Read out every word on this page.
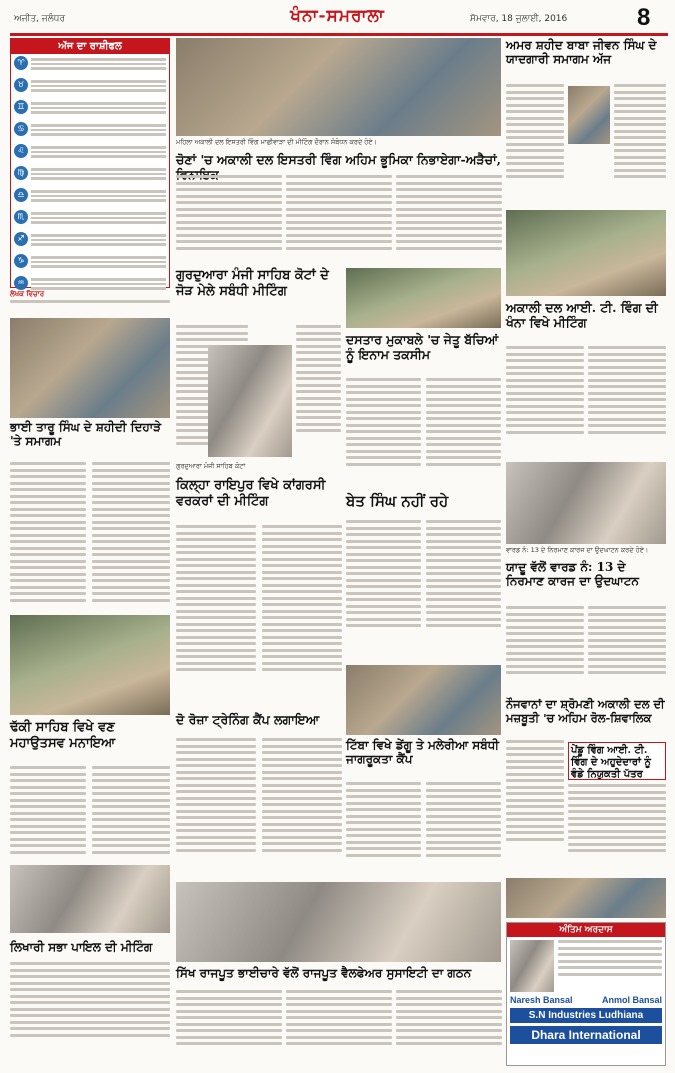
ਅਜੀਤ, ਜਲੰਧਰ	ਖੰਨਾ-ਸਮਰਾਲਾ	ਸੋਮਵਾਰ, 18 ਜੁਲਾਈ, 2016	8
ਅੱਜ ਦਾ ਰਾਸ਼ੀਫਲ
♈
♉
♊
♋
♌
♍
♎
♏
♐
♑
♒
ਲੇਖਕ ਵਿਚਾਰ
ਭਾਈ ਤਾਰੂ ਸਿੰਘ ਦੇ ਸ਼ਹੀਦੀ ਦਿਹਾੜੇ 'ਤੇ ਸਮਾਗਮ
ਢੱਕੀ ਸਾਹਿਬ ਵਿਖੇ ਵਣ ਮਹਾਉਤਸਵ ਮਨਾਇਆ
ਲਿਖਾਰੀ ਸਭਾ ਪਾਇਲ ਦੀ ਮੀਟਿੰਗ
ਮਹਿਲਾ ਅਕਾਲੀ ਦਲ ਇਸਤਰੀ ਵਿੰਗ ਮਾਛੀਵਾੜਾ ਦੀ ਮੀਟਿੰਗ ਦੌਰਾਨ ਸੰਬੋਧਨ ਕਰਦੇ ਹੋਏ।
ਚੋਣਾਂ 'ਚ ਅਕਾਲੀ ਦਲ ਇਸਤਰੀ ਵਿੰਗ ਅਹਿਮ ਭੂਮਿਕਾ ਨਿਭਾਏਗਾ-ਅੜੈਚਾਂ,
ਗੁਰਦੁਆਰਾ ਮੰਜੀ ਸਾਹਿਬ ਕੋਟਾਂ ਦੇ ਜੋੜ ਮੇਲੇ ਸਬੰਧੀ ਮੀਟਿੰਗ
ਗੁਰਦੁਆਰਾ ਮੰਜੀ ਸਾਹਿਬ ਕੋਟਾਂ
ਕਿਲ੍ਹਾ ਰਾਇਪੁਰ ਵਿਖੇ ਕਾਂਗਰਸੀ ਵਰਕਰਾਂ ਦੀ ਮੀਟਿੰਗ
ਦੋ ਰੋਜ਼ਾ ਟ੍ਰੇਨਿੰਗ ਕੈਂਪ ਲਗਾਇਆ
ਦਸਤਾਰ ਮੁਕਾਬਲੇ 'ਚ ਜੇਤੂ ਬੱਚਿਆਂ ਨੂੰ ਇਨਾਮ ਤਕਸੀਮ
ਬੇਤ ਸਿੰਘ ਨਹੀਂ ਰਹੇ
ਟਿੱਬਾ ਵਿਖੇ ਡੇਂਗੂ ਤੇ ਮਲੇਰੀਆ ਸਬੰਧੀ ਜਾਗਰੂਕਤਾ ਕੈਂਪ
ਸਿੱਖ ਰਾਜਪੂਤ ਭਾਈਚਾਰੇ ਵੱਲੋਂ ਰਾਜਪੂਤ ਵੈਲਫੇਅਰ ਸੁਸਾਇਟੀ ਦਾ ਗਠਨ
ਅਮਰ ਸ਼ਹੀਦ ਬਾਬਾ ਜੀਵਨ ਸਿੰਘ ਦੇ ਯਾਦਗਾਰੀ ਸਮਾਗਮ ਅੱਜ
ਅਕਾਲੀ ਦਲ ਆਈ. ਟੀ. ਵਿੰਗ ਦੀ ਖੰਨਾ ਵਿਖੇ ਮੀਟਿੰਗ
ਵਾਰਡ ਨੰ: 13 ਦੇ ਨਿਰਮਾਣ ਕਾਰਜ ਦਾ ਉਦਘਾਟਨ ਕਰਦੇ ਹੋਏ।
ਯਾਦੂ ਵੱਲੋਂ ਵਾਰਡ ਨੰ: 13 ਦੇ ਨਿਰਮਾਣ ਕਾਰਜ ਦਾ ਉਦਘਾਟਨ
ਨੌਜਵਾਨਾਂ ਦਾ ਸ਼੍ਰੋਮਣੀ ਅਕਾਲੀ ਦਲ ਦੀ ਮਜ਼ਬੂਤੀ 'ਚ ਅਹਿਮ ਰੋਲ-ਸ਼ਿਵਾਲਿਕ
ਪੇਂਡੂ ਵਿੰਗ ਆਈ. ਟੀ. ਵਿੰਗ ਦੇ ਅਹੁਦੇਦਾਰਾਂ ਨੂੰ ਵੰਡੇ ਨਿਯੁਕਤੀ ਪੱਤਰ
ਅੰਤਿਮ ਅਰਦਾਸ
Naresh Bansal	Anmol Bansal
S.N Industries Ludhiana
Dhara International
